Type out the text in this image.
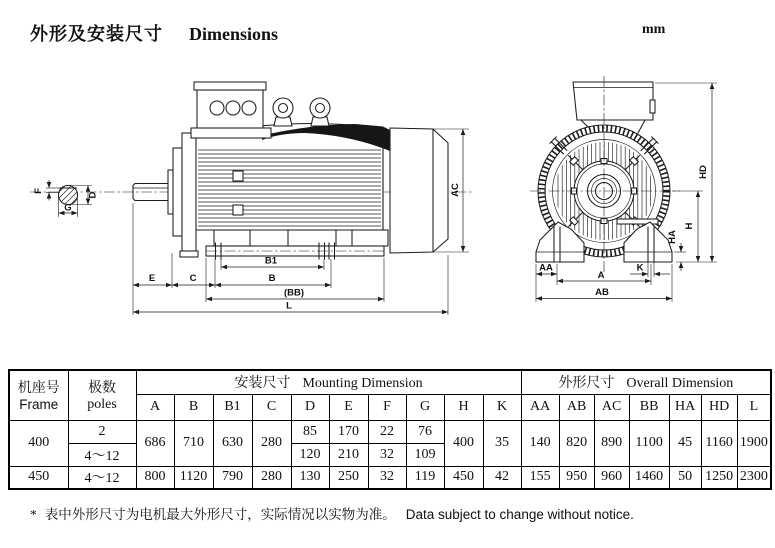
外形及安装尺寸 Dimensions	mm
F
D
G
E	C
B1
B
(BB)
L
AC
HD
H
HA
A
AB
AA	K
机座号
Frame	极数
poles	安装尺寸 Mounting Dimension										外形尺寸 Overall Dimension						
		A	B	B1	C	D	E	F	G	H	K	AA	AB	AC	BB	HA	HD	L
400	2	686	710	630	280	85	170	22	76	400	35	140	820	890	1100	45	1160	1900
	4～12					120	210	32	109									
450	4～12	800	1120	790	280	130	250	32	119	450	42	155	950	960	1460	50	1250	2300
* 表中外形尺寸为电机最大外形尺寸，实际情况以实物为准。 Data subject to change without notice.
